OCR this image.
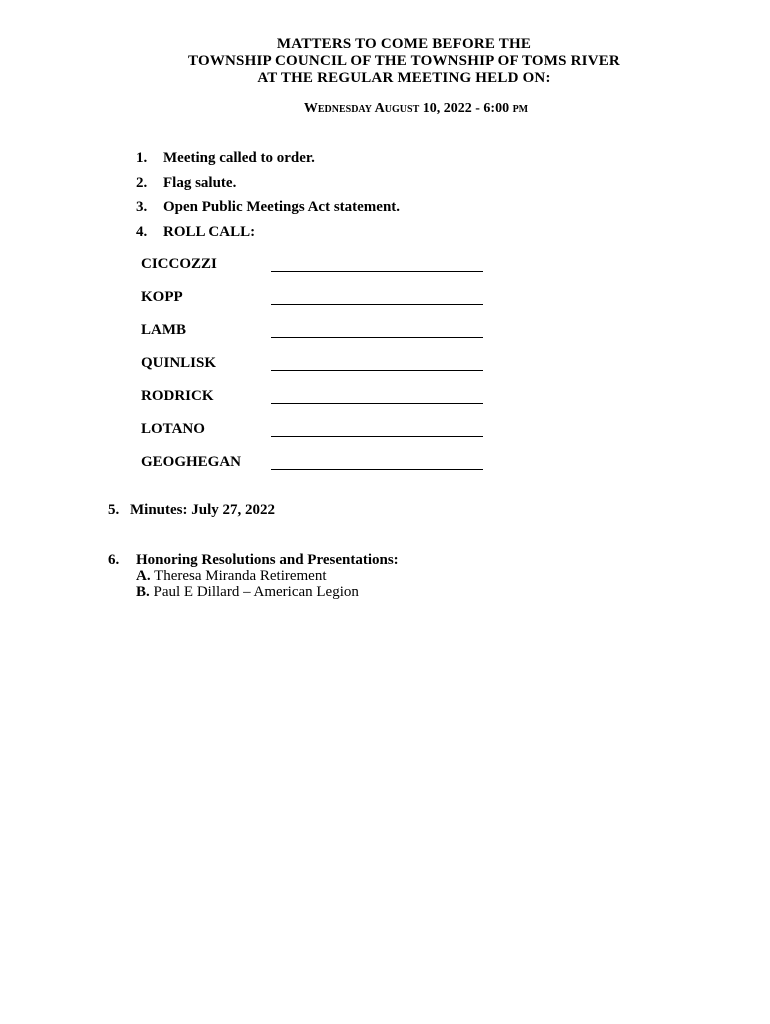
MATTERS TO COME BEFORE THE
TOWNSHIP COUNCIL OF THE TOWNSHIP OF TOMS RIVER
AT THE REGULAR MEETING HELD ON:
Wednesday August 10, 2022 - 6:00 pm
1. Meeting called to order.
2. Flag salute.
3. Open Public Meetings Act statement.
4. ROLL CALL:
CICCOZZI
KOPP
LAMB
QUINLISK
RODRICK
LOTANO
GEOGHEGAN
5. Minutes: July 27, 2022
6. Honoring Resolutions and Presentations:
A. Theresa Miranda Retirement
B. Paul E Dillard – American Legion
